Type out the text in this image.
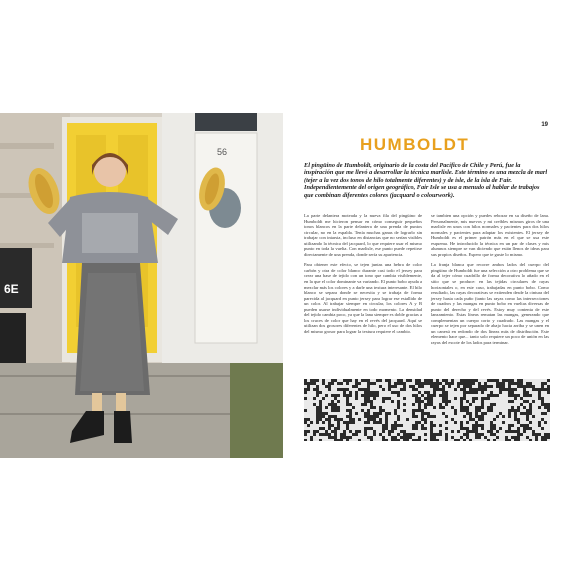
56
6E
19
HUMBOLDT

El pingüino de Humboldt, originario de la costa del Pacífico de Chile y Perú, fue la inspiración que me llevó a desarrollar la técnica marlisle. Este término es una mezcla de marl (tejer a la vez dos tonos de hilo totalmente diferentes) y de isle, de la isla de Fair. Independientemente del origen geográfico, Fair Isle se usa a menudo al hablar de trabajos que combinan diferentes colores (jacquard o colourwork).

La parte delantera moteada y la nueva fila del pingüino de Humboldt me hicieron pensar en cómo conseguir pequeños tonos blancos en la parte delantera de una prenda de puntos circular, no en la espalda. Tenía muchas ganas de lograrlo sin trabajar con intarsia, incluso en distancias que no serían visibles utilizando la técnica del jacquard, lo que requiere usar el mismo punto en toda la vuelta. Con marlisle, ese punto puede repetirse directamente de una prenda, donde sería su apariencia.

Para obtener este efecto, se tejen juntas una hebra de color carbón y otra de color blanco durante casi todo el jersey para crear una base de tejido con un tono que cambia visiblemente, en la que el color dominante va variando. El punto bobo ayuda a mezclar más los colores y a darle una textura interesante. El hilo blanco se separa donde se necesita y se trabaja de forma parecida al jacquard en punto jersey para lograr ese estallido de un color. Al trabajar siempre en circular, los colores A y B pueden usarse individualmente en todo momento. La densidad del tejido cambia poco, ya que la lana siempre es doble gracias a los cruces de color que hay en el revés del jacquard. Aquí se utilizan dos grosores diferentes de hilo, pero el uso de dos hilos del mismo grosor para lograr la textura requiere el cambio.

se tambien una opción y puedes rebozar en su diseño de lana. Personalmente, mis nuevos y mi creíbles mismos giros de una marlisle en unos con hilos normales y pacientes para dos hilos normales y pacientes para adaptar los existentes. El jersey de Humboldt es el primer patrón más en el que se usa este esquema. He introducido la técnica en un par de clases y mis alumnos siempre se van diciendo que están llenos de ideas para sus propios diseños. Espero que te guste lo mismo.

La franja blanca que recorre ambos lados del cuerpo del pingüino de Humboldt fue una selección a otro problema que se da al tejer cómo cuadrillo de forma decorativa lo añado en el sitio que se produce: en las tejidas circulares de rayas horizontales o, en este caso, trabajadas en punto bobo. Como resultado, las rayas decorativas se extienden desde la cintura del jersey hasta cada puño (tanto las rayas como las intersecciones de cuadros y las mangas en punto bobo en vueltas diversas de punto del derecho y del revés. Estoy muy contenta de este lanzamiento. Estas líneas rematan las mangas, generando que complementan un cuerpo corto y cuadrado. Las mangas y el cuerpo se tejen por separado de abajo hacia arriba y se unen en un canesú en redondo de dos líneas más de distribución. Este elemento hace que... tanto solo requiere un poco de unión en las rayas del escote de los lados para terminar.
